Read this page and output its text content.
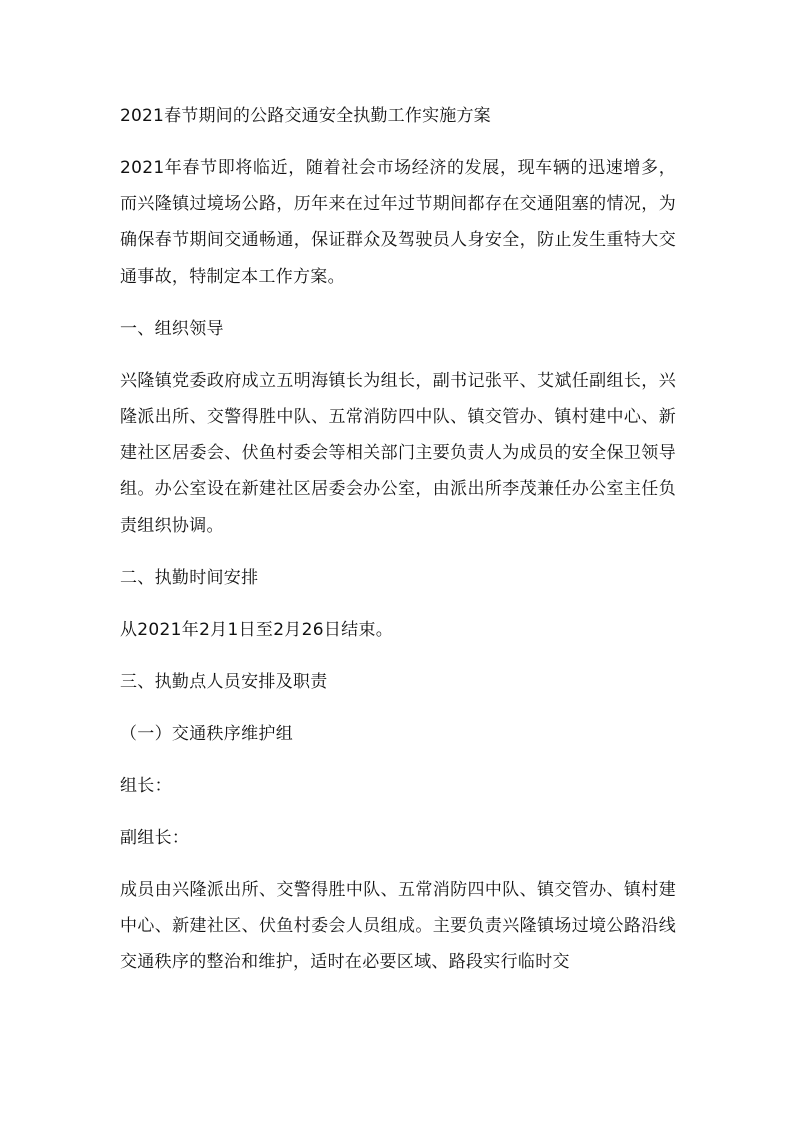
2021春节期间的公路交通安全执勤工作实施方案

2021年春节即将临近，随着社会市场经济的发展，现车辆的迅速增多，而兴隆镇过境场公路，历年来在过年过节期间都存在交通阻塞的情况，为确保春节期间交通畅通，保证群众及驾驶员人身安全，防止发生重特大交通事故，特制定本工作方案。

一、组织领导

兴隆镇党委政府成立五明海镇长为组长，副书记张平、艾斌任副组长，兴隆派出所、交警得胜中队、五常消防四中队、镇交管办、镇村建中心、新建社区居委会、伏鱼村委会等相关部门主要负责人为成员的安全保卫领导组。办公室设在新建社区居委会办公室，由派出所李茂兼任办公室主任负责组织协调。

二、执勤时间安排

从2021年2月1日至2月26日结束。

三、执勤点人员安排及职责

（一）交通秩序维护组

组长：

副组长：

成员由兴隆派出所、交警得胜中队、五常消防四中队、镇交管办、镇村建中心、新建社区、伏鱼村委会人员组成。主要负责兴隆镇场过境公路沿线交通秩序的整治和维护，适时在必要区域、路段实行临时交
